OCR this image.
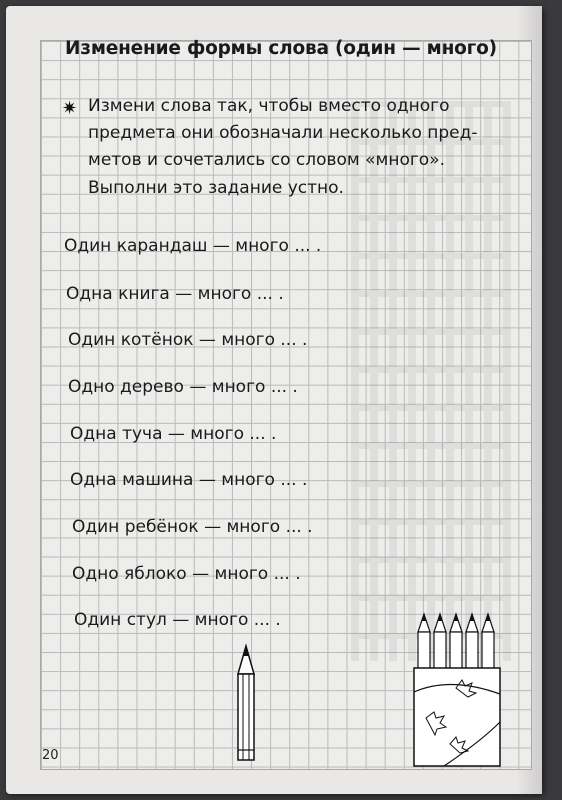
Изменение формы слова (один — много)
✷ Измени слова так, чтобы вместо одного
предмета они обозначали несколько пред-
метов и сочетались со словом «много».
Выполни это задание устно.
Один карандаш — много ... .
Одна книга — много ... .
Один котёнок — много ... .
Одно дерево — много ... .
Одна туча — много ... .
Одна машина — много ... .
Один ребёнок — много ... .
Одно яблоко — много ... .
Один стул — много ... .
20
